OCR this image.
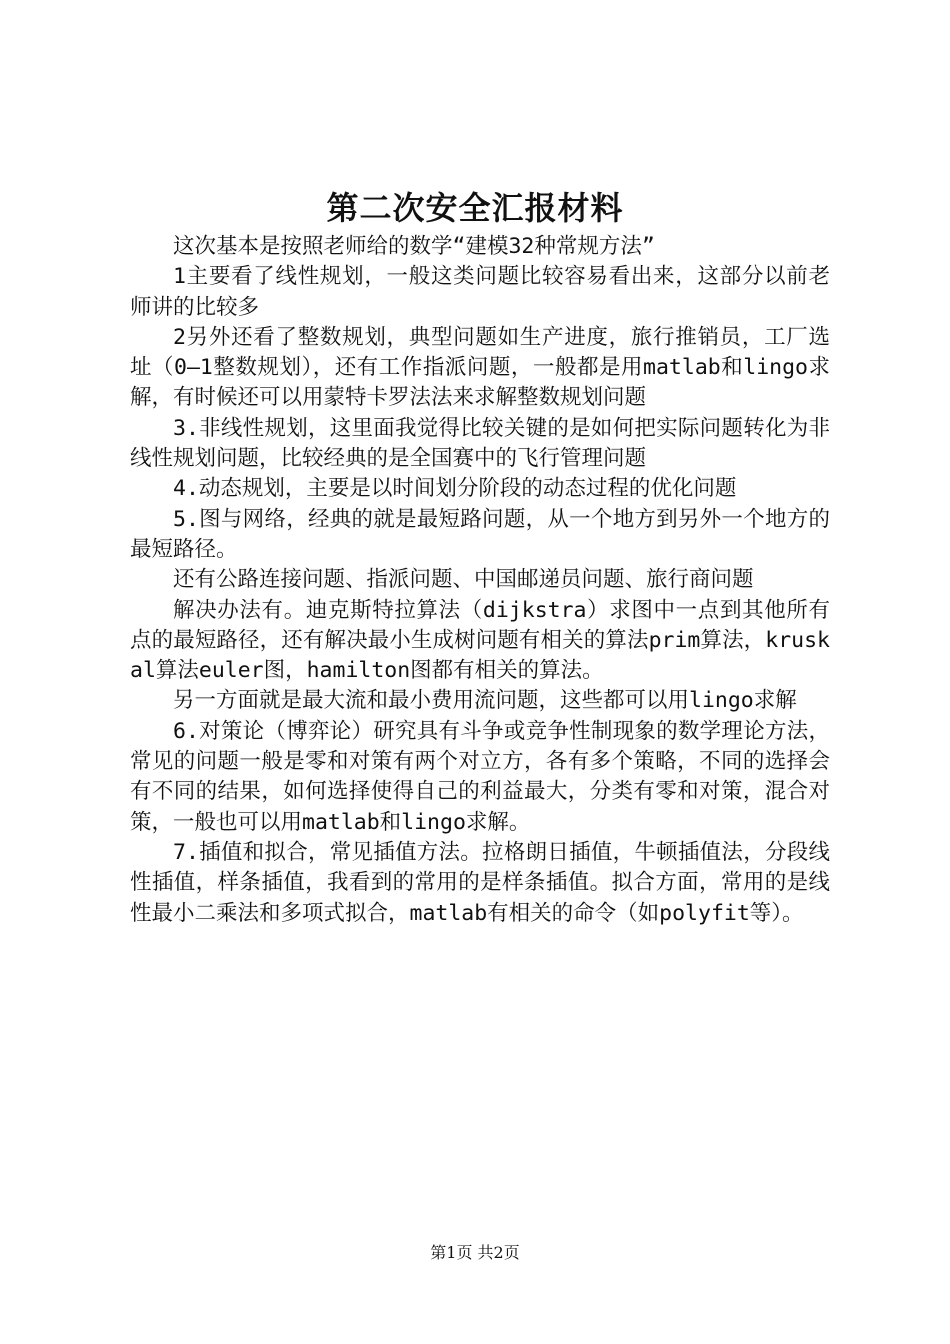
第二次安全汇报材料

这次基本是按照老师给的数学“建模32种常规方法”

1主要看了线性规划，一般这类问题比较容易看出来，这部分以前老师讲的比较多

2另外还看了整数规划，典型问题如生产进度，旅行推销员，工厂选址（0—1整数规划），还有工作指派问题，一般都是用matlab和lingo求解，有时候还可以用蒙特卡罗法法来求解整数规划问题

3.非线性规划，这里面我觉得比较关键的是如何把实际问题转化为非线性规划问题，比较经典的是全国赛中的飞行管理问题

4.动态规划，主要是以时间划分阶段的动态过程的优化问题

5.图与网络，经典的就是最短路问题，从一个地方到另外一个地方的最短路径。

还有公路连接问题、指派问题、中国邮递员问题、旅行商问题

解决办法有。迪克斯特拉算法（dijkstra）求图中一点到其他所有点的最短路径，还有解决最小生成树问题有相关的算法prim算法，kruskal算法euler图，hamilton图都有相关的算法。

另一方面就是最大流和最小费用流问题，这些都可以用lingo求解

6.对策论（博弈论）研究具有斗争或竞争性制现象的数学理论方法，常见的问题一般是零和对策有两个对立方，各有多个策略，不同的选择会有不同的结果，如何选择使得自己的利益最大，分类有零和对策，混合对策，一般也可以用matlab和lingo求解。

7.插值和拟合，常见插值方法。拉格朗日插值，牛顿插值法，分段线性插值，样条插值，我看到的常用的是样条插值。拟合方面，常用的是线性最小二乘法和多项式拟合，matlab有相关的命令（如polyfit等）。

第1页 共2页
